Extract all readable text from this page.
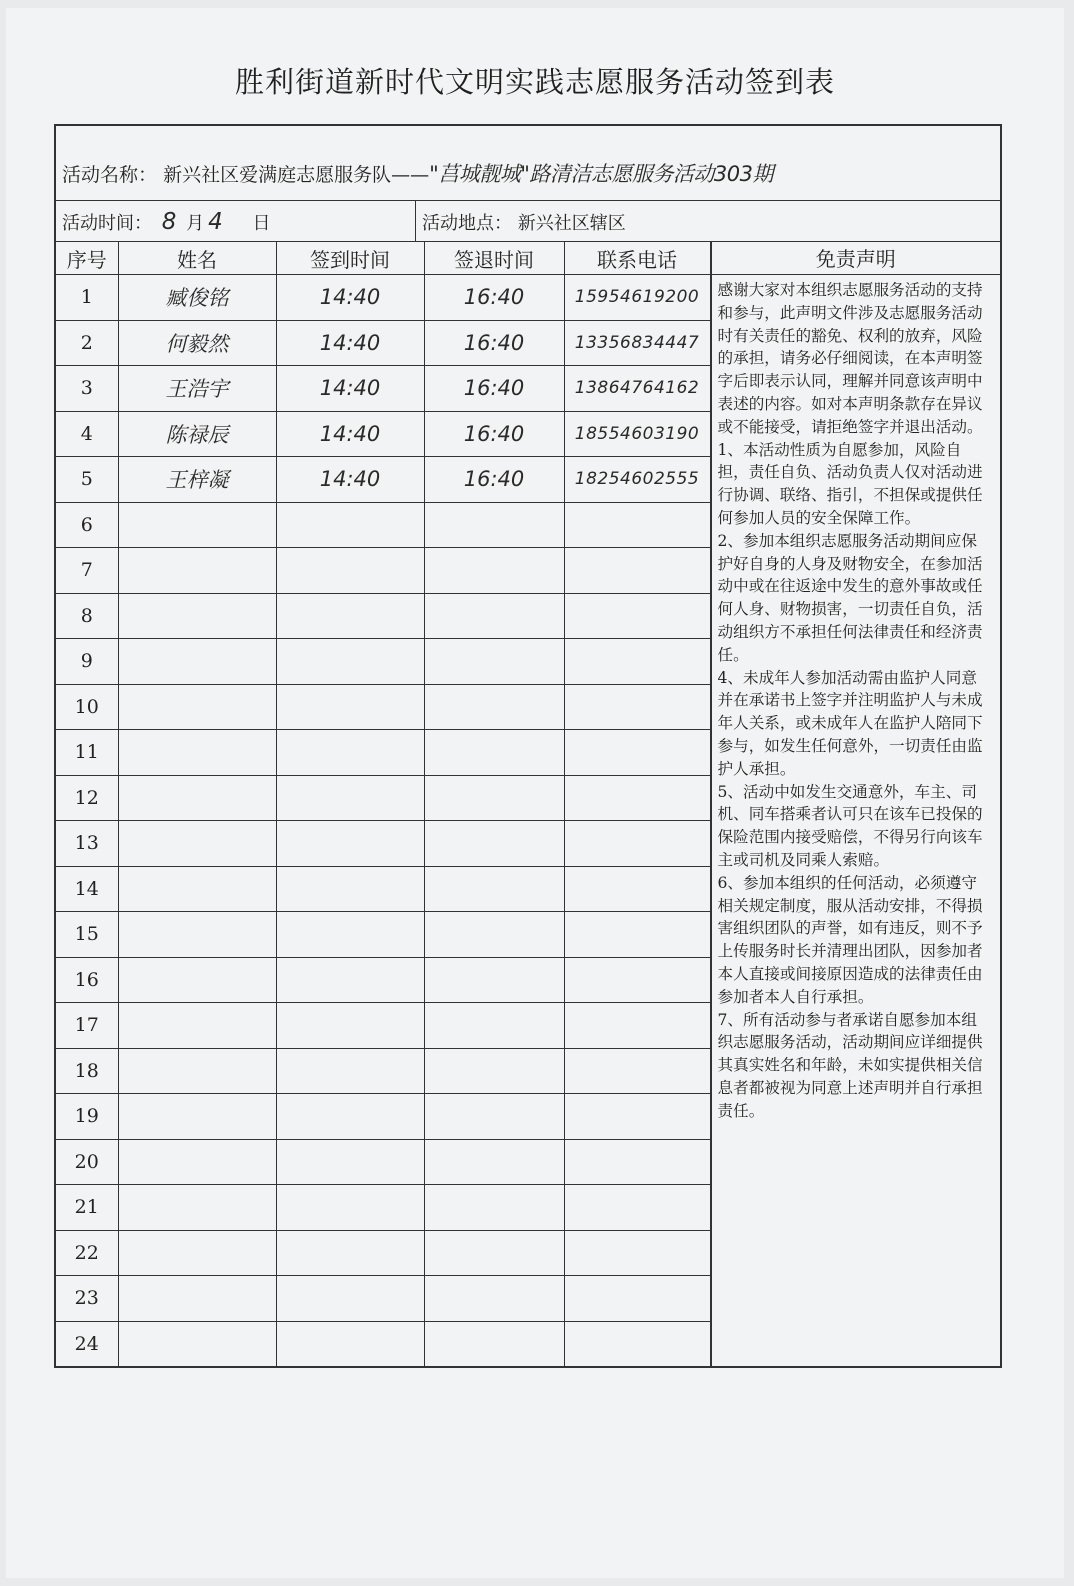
胜利街道新时代文明实践志愿服务活动签到表
活动名称： 新兴社区爱满庭志愿服务队——"莒城靓城"路清洁志愿服务活动303期
活动时间： 8 月 4 日	活动地点： 新兴社区辖区
序号	姓名	签到时间	签退时间	联系电话
1	臧俊铭	14:40	16:40	15954619200
2	何毅然	14:40	16:40	13356834447
3	王浩宇	14:40	16:40	13864764162
4	陈禄辰	14:40	16:40	18554603190
5	王梓凝	14:40	16:40	18254602555
6				
7				
8				
9				
10				
11				
12				
13				
14				
15				
16				
17				
18				
19				
20				
21				
22				
23				
24				
免责声明

感谢大家对本组织志愿服务活动的支持和参与，此声明文件涉及志愿服务活动时有关责任的豁免、权利的放弃，风险的承担，请务必仔细阅读，在本声明签字后即表示认同，理解并同意该声明中表述的内容。如对本声明条款存在异议或不能接受，请拒绝签字并退出活动。

1、本活动性质为自愿参加，风险自担，责任自负、活动负责人仅对活动进行协调、联络、指引，不担保或提供任何参加人员的安全保障工作。

2、参加本组织志愿服务活动期间应保护好自身的人身及财物安全，在参加活动中或在往返途中发生的意外事故或任何人身、财物损害，一切责任自负，活动组织方不承担任何法律责任和经济责任。

4、未成年人参加活动需由监护人同意并在承诺书上签字并注明监护人与未成年人关系，或未成年人在监护人陪同下参与，如发生任何意外，一切责任由监护人承担。

5、活动中如发生交通意外，车主、司机、同车搭乘者认可只在该车已投保的保险范围内接受赔偿，不得另行向该车主或司机及同乘人索赔。

6、参加本组织的任何活动，必须遵守相关规定制度，服从活动安排，不得损害组织团队的声誉，如有违反，则不予上传服务时长并清理出团队，因参加者本人直接或间接原因造成的法律责任由参加者本人自行承担。

7、所有活动参与者承诺自愿参加本组织志愿服务活动，活动期间应详细提供其真实姓名和年龄，未如实提供相关信息者都被视为同意上述声明并自行承担责任。
